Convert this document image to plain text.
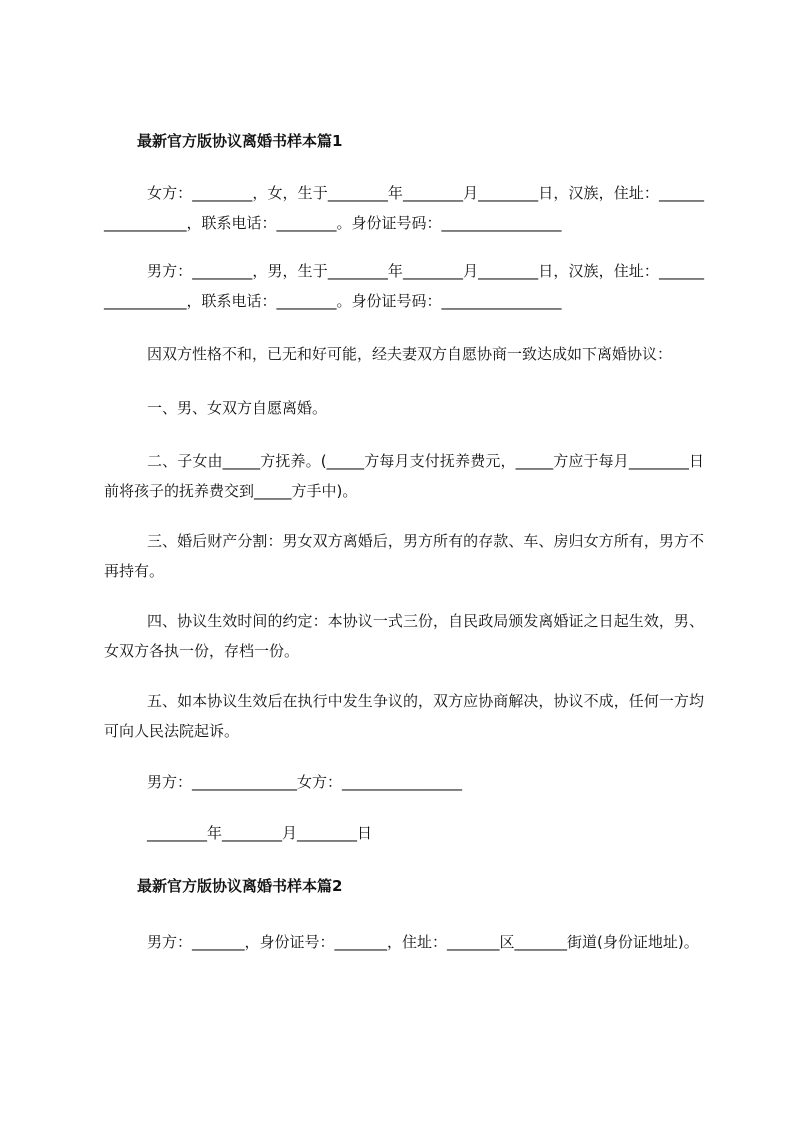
最新官方版协议离婚书样本篇1
女方：________，女，生于________年________月________日，汉族，住址：_________________，联系电话：________。身份证号码：________________
男方：________，男，生于________年________月________日，汉族，住址：_________________，联系电话：________。身份证号码：________________
因双方性格不和，已无和好可能，经夫妻双方自愿协商一致达成如下离婚协议：
一、男、女双方自愿离婚。
二、子女由_____方抚养。(_____方每月支付抚养费元，_____方应于每月________日前将孩子的抚养费交到_____方手中)。
三、婚后财产分割：男女双方离婚后，男方所有的存款、车、房归女方所有，男方不再持有。
四、协议生效时间的约定：本协议一式三份，自民政局颁发离婚证之日起生效，男、女双方各执一份，存档一份。
五、如本协议生效后在执行中发生争议的，双方应协商解决，协议不成，任何一方均可向人民法院起诉。
男方：______________女方：________________
________年________月________日
最新官方版协议离婚书样本篇2
男方：_______，身份证号：_______，住址：_______区_______街道(身份证地址)。
